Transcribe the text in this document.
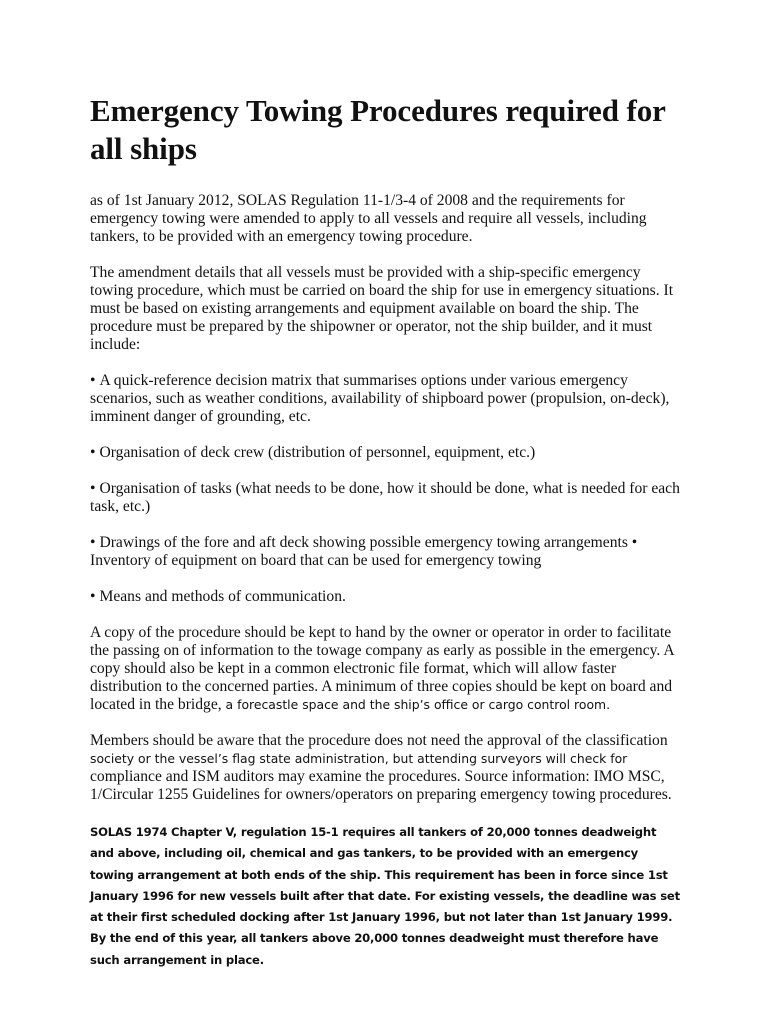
Emergency Towing Procedures required for all ships

as of 1st January 2012, SOLAS Regulation 11-1/3-4 of 2008 and the requirements for emergency towing were amended to apply to all vessels and require all vessels, including tankers, to be provided with an emergency towing procedure.

The amendment details that all vessels must be provided with a ship-specific emergency towing procedure, which must be carried on board the ship for use in emergency situations. It must be based on existing arrangements and equipment available on board the ship. The procedure must be prepared by the shipowner or operator, not the ship builder, and it must include:

• A quick-reference decision matrix that summarises options under various emergency scenarios, such as weather conditions, availability of shipboard power (propulsion, on-deck), imminent danger of grounding, etc.

• Organisation of deck crew (distribution of personnel, equipment, etc.)

• Organisation of tasks (what needs to be done, how it should be done, what is needed for each task, etc.)

• Drawings of the fore and aft deck showing possible emergency towing arrangements • Inventory of equipment on board that can be used for emergency towing

• Means and methods of communication.

A copy of the procedure should be kept to hand by the owner or operator in order to facilitate the passing on of information to the towage company as early as possible in the emergency. A copy should also be kept in a common electronic file format, which will allow faster distribution to the concerned parties. A minimum of three copies should be kept on board and located in the bridge, a forecastle space and the ship’s office or cargo control room.

Members should be aware that the procedure does not need the approval of the classification society or the vessel’s flag state administration, but attending surveyors will check for compliance and ISM auditors may examine the procedures. Source information: IMO MSC, 1/Circular 1255 Guidelines for owners/operators on preparing emergency towing procedures.

SOLAS 1974 Chapter V, regulation 15-1 requires all tankers of 20,000 tonnes deadweight and above, including oil, chemical and gas tankers, to be provided with an emergency towing arrangement at both ends of the ship. This requirement has been in force since 1st January 1996 for new vessels built after that date. For existing vessels, the deadline was set at their first scheduled docking after 1st January 1996, but not later than 1st January 1999. By the end of this year, all tankers above 20,000 tonnes deadweight must therefore have such arrangement in place.
